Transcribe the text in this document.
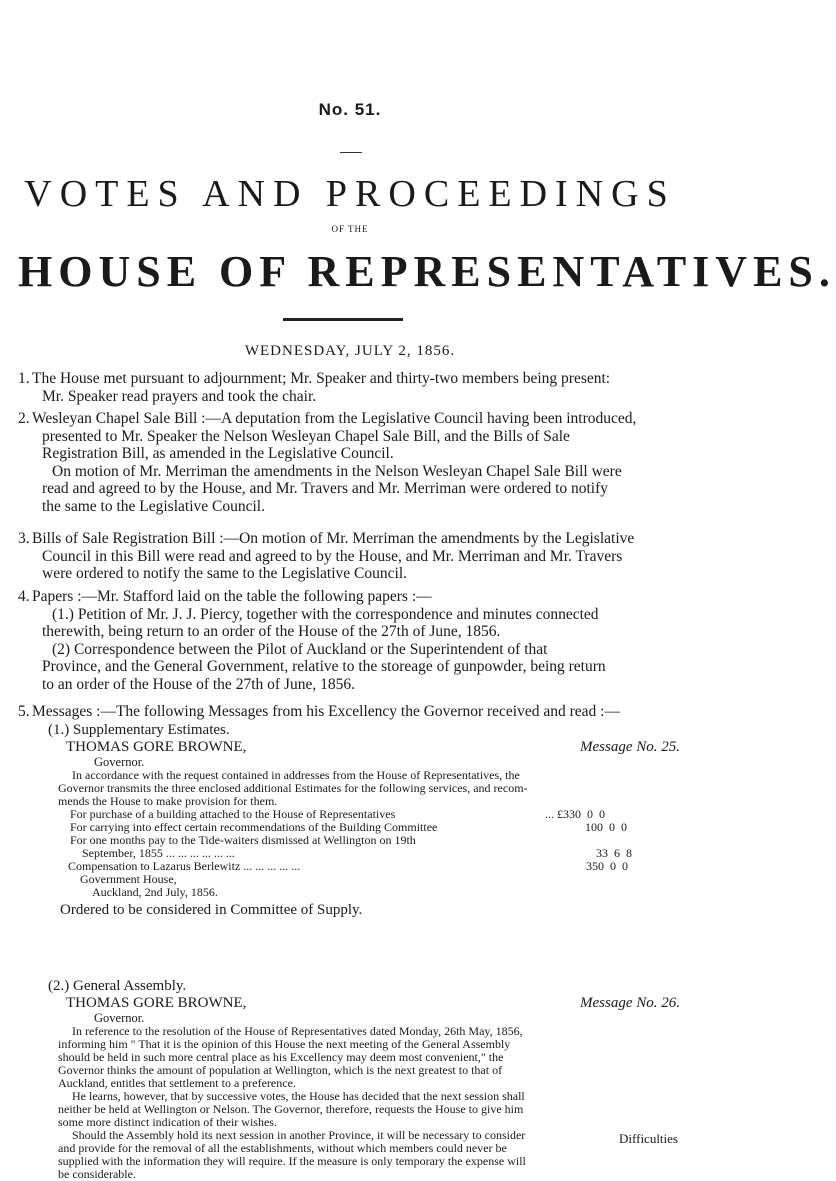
No. 51.
VOTES AND PROCEEDINGS
OF THE
HOUSE OF REPRESENTATIVES.
WEDNESDAY, JULY 2, 1856.
1. The House met pursuant to adjournment; Mr. Speaker and thirty-two members being present:
Mr. Speaker read prayers and took the chair.
2. Wesleyan Chapel Sale Bill :—A deputation from the Legislative Council having been introduced,
presented to Mr. Speaker the Nelson Wesleyan Chapel Sale Bill, and the Bills of Sale
Registration Bill, as amended in the Legislative Council.
On motion of Mr. Merriman the amendments in the Nelson Wesleyan Chapel Sale Bill were
read and agreed to by the House, and Mr. Travers and Mr. Merriman were ordered to notify
the same to the Legislative Council.
3. Bills of Sale Registration Bill :—On motion of Mr. Merriman the amendments by the Legislative
Council in this Bill were read and agreed to by the House, and Mr. Merriman and Mr. Travers
were ordered to notify the same to the Legislative Council.
4. Papers :—Mr. Stafford laid on the table the following papers :—
(1.) Petition of Mr. J. J. Piercy, together with the correspondence and minutes connected
therewith, being return to an order of the House of the 27th of June, 1856.
(2) Correspondence between the Pilot of Auckland or the Superintendent of that
Province, and the General Government, relative to the storeage of gunpowder, being return
to an order of the House of the 27th of June, 1856.
5. Messages :—The following Messages from his Excellency the Governor received and read :—
(1.) Supplementary Estimates.
THOMAS GORE BROWNE,	Message No. 25.
Governor.
In accordance with the request contained in addresses from the House of Representatives, the
Governor transmits the three enclosed additional Estimates for the following services, and recom-
mends the House to make provision for them.
For purchase of a building attached to the House of Representatives	... £330  0  0
For carrying into effect certain recommendations of the Building Committee	100  0  0
For one months pay to the Tide-waiters dismissed at Wellington on 19th
September, 1855 ... ... ... ... ... ...	33  6  8
Compensation to Lazarus Berlewitz ... ... ... ... ...	350  0  0
Government House,
Auckland, 2nd July, 1856.
Ordered to be considered in Committee of Supply.
(2.) General Assembly.
THOMAS GORE BROWNE,	Message No. 26.
Governor.
In reference to the resolution of the House of Representatives dated Monday, 26th May, 1856,
informing him " That it is the opinion of this House the next meeting of the General Assembly
should be held in such more central place as his Excellency may deem most convenient," the
Governor thinks the amount of population at Wellington, which is the next greatest to that of
Auckland, entitles that settlement to a preference.
He learns, however, that by successive votes, the House has decided that the next session shall
neither be held at Wellington or Nelson. The Governor, therefore, requests the House to give him
some more distinct indication of their wishes.
Should the Assembly hold its next session in another Province, it will be necessary to consider
and provide for the removal of all the establishments, without which members could never be
supplied with the information they will require. If the measure is only temporary the expense will
be considerable.
Difficulties
